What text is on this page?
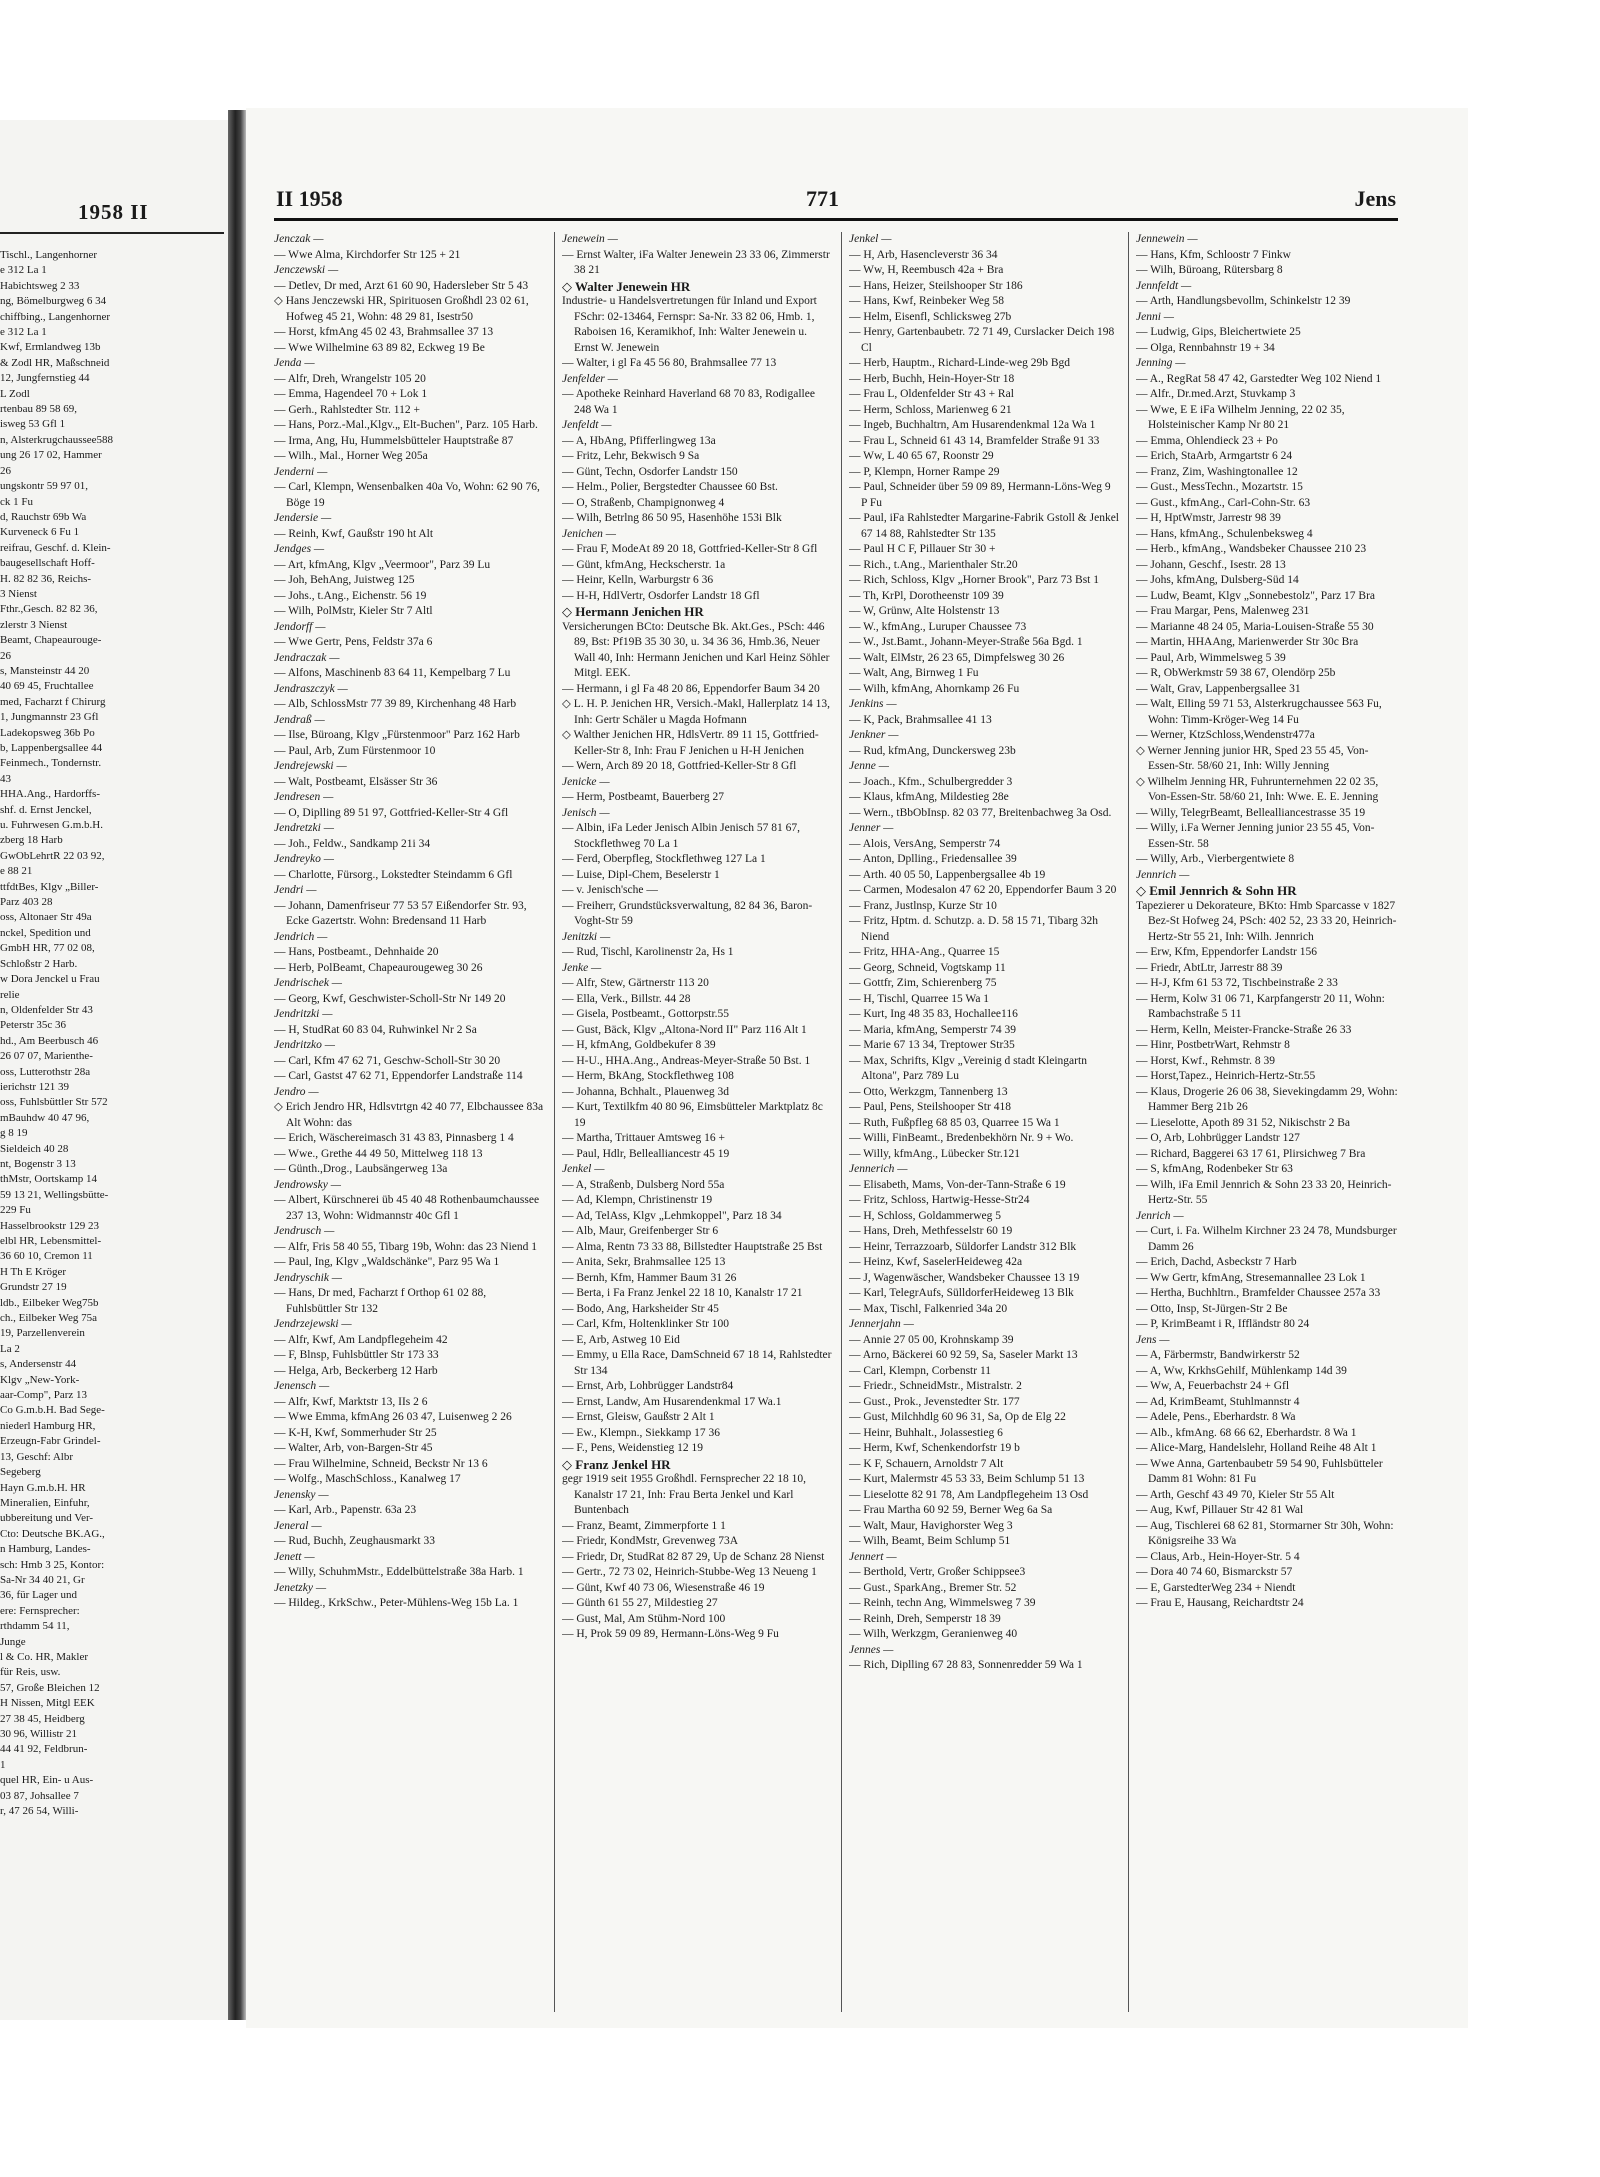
1958 II
Tischl., Langenhorner
e 312 La 1
Habichtsweg 2 33
ng, Bömelburgweg 6 34
chiffbing., Langenhorner
e 312 La 1
Kwf, Ermlandweg 13b
& Zodl HR, Maßschneid
12, Jungfernstieg 44
L Zodl
rtenbau 89 58 69,
isweg 53 Gfl 1
n, Alsterkrugchaussee588
ung 26 17 02, Hammer
26
ungskontr 59 97 01,
ck 1 Fu
d, Rauchstr 69b Wa
Kurveneck 6 Fu 1
reifrau, Geschf. d. Klein-
baugesellschaft Hoff-
H. 82 82 36, Reichs-
3 Nienst
Fthr.,Gesch. 82 82 36,
zlerstr 3 Nienst
Beamt, Chapeaurouge-
26
s, Mansteinstr 44 20
40 69 45, Fruchtallee
med, Facharzt f Chirurg
1, Jungmannstr 23 Gfl
Ladekopsweg 36b Po
b, Lappenbergsallee 44
Feinmech., Tondernstr.
43
HHA.Ang., Hardorffs-
shf. d. Ernst Jenckel,
u. Fuhrwesen G.m.b.H.
zberg 18 Harb
GwObLehrtR 22 03 92,
e 88 21
ttfdtBes, Klgv „Biller-
Parz 403 28
oss, Altonaer Str 49a
nckel, Spedition und
GmbH HR, 77 02 08,
Schloßstr 2 Harb.
w Dora Jenckel u Frau
relie
n, Oldenfelder Str 43
Peterstr 35c 36
hd., Am Beerbusch 46
26 07 07, Marienthe-
oss, Lutterothstr 28a
ierichstr 121 39
oss, Fuhlsbüttler Str 572
mBauhdw 40 47 96,
g 8 19
Sieldeich 40 28
nt, Bogenstr 3 13
thMstr, Oortskamp 14
59 13 21, Wellingsbütte-
229 Fu
Hasselbrookstr 129 23
elbl HR, Lebensmittel-
36 60 10, Cremon 11
H Th E Kröger
Grundstr 27 19
ldb., Eilbeker Weg75b
ch., Eilbeker Weg 75a
19, Parzellenverein
La 2
s, Andersenstr 44
Klgv „New-York-
aar-Comp", Parz 13
Co G.m.b.H. Bad Sege-
niederl Hamburg HR,
Erzeugn-Fabr Grindel-
13, Geschf: Albr
Segeberg
Hayn G.m.b.H. HR
Mineralien, Einfuhr,
ubbereitung und Ver-
Cto: Deutsche BK.AG.,
n Hamburg, Landes-
sch: Hmb 3 25, Kontor:
Sa-Nr 34 40 21, Gr
36, für Lager und
ere: Fernsprecher:
rthdamm 54 11,
Junge
l & Co. HR, Makler
für Reis, usw.
57, Große Bleichen 12
H Nissen, Mitgl EEK
27 38 45, Heidberg
30 96, Willistr 21
44 41 92, Feldbrun-
1
quel HR, Ein- u Aus-
03 87, Johsallee 7
r, 47 26 54, Willi-
II 1958	771	Jens
Jenczak —
— Wwe Alma, Kirchdorfer Str 125 + 21
Jenczewski —
— Detlev, Dr med, Arzt 61 60 90, Hadersleber Str 5 43
◇ Hans Jenczewski HR, Spirituosen Großhdl 23 02 61, Hofweg 45 21, Wohn: 48 29 81, Isestr50
— Horst, kfmAng 45 02 43, Brahmsallee 37 13
— Wwe Wilhelmine 63 89 82, Eckweg 19 Be
Jenda —
— Alfr, Dreh, Wrangelstr 105 20
— Emma, Hagendeel 70 + Lok 1
— Gerh., Rahlstedter Str. 112 +
— Hans, Porz.-Mal.,Klgv.„ Elt-Buchen", Parz. 105 Harb.
— Irma, Ang, Hu, Hummelsbütteler Hauptstraße 87
— Wilh., Mal., Horner Weg 205a
Jenderni —
— Carl, Klempn, Wensenbalken 40a Vo, Wohn: 62 90 76, Böge 19
Jendersie —
— Reinh, Kwf, Gaußstr 190 ht Alt
Jendges —
— Art, kfmAng, Klgv „Veermoor", Parz 39 Lu
— Joh, BehAng, Juistweg 125
— Johs., t.Ang., Eichenstr. 56 19
— Wilh, PolMstr, Kieler Str 7 Altl
Jendorff —
— Wwe Gertr, Pens, Feldstr 37a 6
Jendraczak —
— Alfons, Maschinenb 83 64 11, Kempelbarg 7 Lu
Jendraszczyk —
— Alb, SchlossMstr 77 39 89, Kirchenhang 48 Harb
Jendraß —
— Ilse, Büroang, Klgv „Fürstenmoor" Parz 162 Harb
— Paul, Arb, Zum Fürstenmoor 10
Jendrejewski —
— Walt, Postbeamt, Elsässer Str 36
Jendresen —
— O, Diplling 89 51 97, Gottfried-Keller-Str 4 Gfl
Jendretzki —
— Joh., Feldw., Sandkamp 21i 34
Jendreyko —
— Charlotte, Fürsorg., Lokstedter Steindamm 6 Gfl
Jendri —
— Johann, Damenfriseur 77 53 57 Eißendorfer Str. 93, Ecke Gazertstr. Wohn: Bredensand 11 Harb
Jendrich —
— Hans, Postbeamt., Dehnhaide 20
— Herb, PolBeamt, Chapeaurougeweg 30 26
Jendrischek —
— Georg, Kwf, Geschwister-Scholl-Str Nr 149 20
Jendritzki —
— H, StudRat 60 83 04, Ruhwinkel Nr 2 Sa
Jendritzko —
— Carl, Kfm 47 62 71, Geschw-Scholl-Str 30 20
— Carl, Gastst 47 62 71, Eppendorfer Landstraße 114
Jendro —
◇ Erich Jendro HR, Hdlsvtrtgn 42 40 77, Elbchaussee 83a Alt Wohn: das
— Erich, Wäschereimasch 31 43 83, Pinnasberg 1 4
— Wwe., Grethe 44 49 50, Mittelweg 118 13
— Günth.,Drog., Laubsängerweg 13a
Jendrowsky —
— Albert, Kürschnerei üb 45 40 48 Rothenbaumchaussee 237 13, Wohn: Widmannstr 40c Gfl 1
Jendrusch —
— Alfr, Fris 58 40 55, Tibarg 19b, Wohn: das 23 Niend 1
— Paul, Ing, Klgv „Waldschänke", Parz 95 Wa 1
Jendryschik —
— Hans, Dr med, Facharzt f Orthop 61 02 88, Fuhlsbüttler Str 132
Jendrzejewski —
— Alfr, Kwf, Am Landpflegeheim 42
— F, Blnsp, Fuhlsbüttler Str 173 33
— Helga, Arb, Beckerberg 12 Harb
Jenensch —
— Alfr, Kwf, Marktstr 13, IIs 2 6
— Wwe Emma, kfmAng 26 03 47, Luisenweg 2 26
— K-H, Kwf, Sommerhuder Str 25
— Walter, Arb, von-Bargen-Str 45
— Frau Wilhelmine, Schneid, Beckstr Nr 13 6
— Wolfg., MaschSchloss., Kanalweg 17
Jenensky —
— Karl, Arb., Papenstr. 63a 23
Jeneral —
— Rud, Buchh, Zeughausmarkt 33
Jenett —
— Willy, SchuhmMstr., Eddelbüttelstraße 38a Harb. 1
Jenetzky —
— Hildeg., KrkSchw., Peter-Mühlens-Weg 15b La. 1
Jenewein —
— Ernst Walter, iFa Walter Jenewein 23 33 06, Zimmerstr 38 21
◇ Walter Jenewein HR
Industrie- u Handelsvertretungen für Inland und Export FSchr: 02-13464, Fernspr: Sa-Nr. 33 82 06, Hmb. 1, Raboisen 16, Keramikhof, Inh: Walter Jenewein u. Ernst W. Jenewein
— Walter, i gl Fa 45 56 80, Brahmsallee 77 13
Jenfelder —
— Apotheke Reinhard Haverland 68 70 83, Rodigallee 248 Wa 1
Jenfeldt —
— A, HbAng, Pfifferlingweg 13a
— Fritz, Lehr, Bekwisch 9 Sa
— Günt, Techn, Osdorfer Landstr 150
— Helm., Polier, Bergstedter Chaussee 60 Bst.
— O, Straßenb, Champignonweg 4
— Wilh, Betrlng 86 50 95, Hasenhöhe 153i Blk
Jenichen —
— Frau F, ModeAt 89 20 18, Gottfried-Keller-Str 8 Gfl
— Günt, kfmAng, Heckscherstr. 1a
— Heinr, Kelln, Warburgstr 6 36
— H-H, HdlVertr, Osdorfer Landstr 18 Gfl
◇ Hermann Jenichen HR
Versicherungen BCto: Deutsche Bk. Akt.Ges., PSch: 446 89, Bst: Pf19B 35 30 30, u. 34 36 36, Hmb.36, Neuer Wall 40, Inh: Hermann Jenichen und Karl Heinz Söhler Mitgl. EEK.
— Hermann, i gl Fa 48 20 86, Eppendorfer Baum 34 20
◇ L. H. P. Jenichen HR, Versich.-Makl, Hallerplatz 14 13, Inh: Gertr Schäler u Magda Hofmann
◇ Walther Jenichen HR, HdlsVertr. 89 11 15, Gottfried-Keller-Str 8, Inh: Frau F Jenichen u H-H Jenichen
— Wern, Arch 89 20 18, Gottfried-Keller-Str 8 Gfl
Jenicke —
— Herm, Postbeamt, Bauerberg 27
Jenisch —
— Albin, iFa Leder Jenisch Albin Jenisch 57 81 67, Stockflethweg 70 La 1
— Ferd, Oberpfleg, Stockflethweg 127 La 1
— Luise, Dipl-Chem, Beselerstr 1
— v. Jenisch'sche —
— Freiherr, Grundstücksverwaltung, 82 84 36, Baron-Voght-Str 59
Jenitzki —
— Rud, Tischl, Karolinenstr 2a, Hs 1
Jenke —
— Alfr, Stew, Gärtnerstr 113 20
— Ella, Verk., Billstr. 44 28
— Gisela, Postbeamt., Gottorpstr.55
— Gust, Bäck, Klgv „Altona-Nord II" Parz 116 Alt 1
— H, kfmAng, Goldbekufer 8 39
— H-U., HHA.Ang., Andreas-Meyer-Straße 50 Bst. 1
— Herm, BkAng, Stockflethweg 108
— Johanna, Bchhalt., Plauenweg 3d
— Kurt, Textilkfm 40 80 96, Eimsbütteler Marktplatz 8c 19
— Martha, Trittauer Amtsweg 16 +
— Paul, Hdlr, Bellealliancestr 45 19
Jenkel —
— A, Straßenb, Dulsberg Nord 55a
— Ad, Klempn, Christinenstr 19
— Ad, TelAss, Klgv „Lehmkoppel", Parz 18 34
— Alb, Maur, Greifenberger Str 6
— Alma, Rentn 73 33 88, Billstedter Hauptstraße 25 Bst
— Anita, Sekr, Brahmsallee 125 13
— Bernh, Kfm, Hammer Baum 31 26
— Berta, i Fa Franz Jenkel 22 18 10, Kanalstr 17 21
— Bodo, Ang, Harksheider Str 45
— Carl, Kfm, Holtenklinker Str 100
— E, Arb, Astweg 10 Eid
— Emmy, u Ella Race, DamSchneid 67 18 14, Rahlstedter Str 134
— Ernst, Arb, Lohbrügger Landstr84
— Ernst, Landw, Am Husarendenkmal 17 Wa.1
— Ernst, Gleisw, Gaußstr 2 Alt 1
— Ew., Klempn., Siekkamp 17 36
— F., Pens, Weidenstieg 12 19
◇ Franz Jenkel HR
gegr 1919 seit 1955 Großhdl. Fernsprecher 22 18 10, Kanalstr 17 21, Inh: Frau Berta Jenkel und Karl Buntenbach
— Franz, Beamt, Zimmerpforte 1 1
— Friedr, KondMstr, Grevenweg 73A
— Friedr, Dr, StudRat 82 87 29, Up de Schanz 28 Nienst
— Gertr., 72 73 02, Heinrich-Stubbe-Weg 13 Neueng 1
— Günt, Kwf 40 73 06, Wiesenstraße 46 19
— Günth 61 55 27, Mildestieg 27
— Gust, Mal, Am Stühm-Nord 100
— H, Prok 59 09 89, Hermann-Löns-Weg 9 Fu
Jenkel —
— H, Arb, Hasencleverstr 36 34
— Ww, H, Reembusch 42a + Bra
— Hans, Heizer, Steilshooper Str 186
— Hans, Kwf, Reinbeker Weg 58
— Helm, Eisenfl, Schlicksweg 27b
— Henry, Gartenbaubetr. 72 71 49, Curslacker Deich 198 Cl
— Herb, Hauptm., Richard-Linde-weg 29b Bgd
— Herb, Buchh, Hein-Hoyer-Str 18
— Frau L, Oldenfelder Str 43 + Ral
— Herm, Schloss, Marienweg 6 21
— Ingeb, Buchhaltrn, Am Husarendenkmal 12a Wa 1
— Frau L, Schneid 61 43 14, Bramfelder Straße 91 33
— Ww, L 40 65 67, Roonstr 29
— P, Klempn, Horner Rampe 29
— Paul, Schneider über 59 09 89, Hermann-Löns-Weg 9 P Fu
— Paul, iFa Rahlstedter Margarine-Fabrik Gstoll & Jenkel 67 14 88, Rahlstedter Str 135
— Paul H C F, Pillauer Str 30 +
— Rich., t.Ang., Marienthaler Str.20
— Rich, Schloss, Klgv „Horner Brook", Parz 73 Bst 1
— Th, KrPl, Dorotheenstr 109 39
— W, Grünw, Alte Holstenstr 13
— W., kfmAng., Luruper Chaussee 73
— W., Jst.Bamt., Johann-Meyer-Straße 56a Bgd. 1
— Walt, ElMstr, 26 23 65, Dimpfelsweg 30 26
— Walt, Ang, Birnweg 1 Fu
— Wilh, kfmAng, Ahornkamp 26 Fu
Jenkins —
— K, Pack, Brahmsallee 41 13
Jenkner —
— Rud, kfmAng, Dunckersweg 23b
Jenne —
— Joach., Kfm., Schulbergredder 3
— Klaus, kfmAng, Mildestieg 28e
— Wern., tBbObInsp. 82 03 77, Breitenbachweg 3a Osd.
Jenner —
— Alois, VersAng, Semperstr 74
— Anton, Dplling., Friedensallee 39
— Arth. 40 05 50, Lappenbergsallee 4b 19
— Carmen, Modesalon 47 62 20, Eppendorfer Baum 3 20
— Franz, Justlnsp, Kurze Str 10
— Fritz, Hptm. d. Schutzp. a. D. 58 15 71, Tibarg 32h Niend
— Fritz, HHA-Ang., Quarree 15
— Georg, Schneid, Vogtskamp 11
— Gottfr, Zim, Schierenberg 75
— H, Tischl, Quarree 15 Wa 1
— Kurt, Ing 48 35 83, Hochallee116
— Maria, kfmAng, Semperstr 74 39
— Marie 67 13 34, Treptower Str35
— Max, Schrifts, Klgv „Vereinig d stadt Kleingartn Altona", Parz 789 Lu
— Otto, Werkzgm, Tannenberg 13
— Paul, Pens, Steilshooper Str 418
— Ruth, Fußpfleg 68 85 03, Quarree 15 Wa 1
— Willi, FinBeamt., Bredenbekhörn Nr. 9 + Wo.
— Willy, kfmAng., Lübecker Str.121
Jennerich —
— Elisabeth, Mams, Von-der-Tann-Straße 6 19
— Fritz, Schloss, Hartwig-Hesse-Str24
— H, Schloss, Goldammerweg 5
— Hans, Dreh, Methfesselstr 60 19
— Heinr, Terrazzoarb, Süldorfer Landstr 312 Blk
— Heinz, Kwf, SaselerHeideweg 42a
— J, Wagenwäscher, Wandsbeker Chaussee 13 19
— Karl, TelegrAufs, SülldorferHeideweg 13 Blk
— Max, Tischl, Falkenried 34a 20
Jennerjahn —
— Annie 27 05 00, Krohnskamp 39
— Arno, Bäckerei 60 92 59, Sa, Saseler Markt 13
— Carl, Klempn, Corbenstr 11
— Friedr., SchneidMstr., Mistralstr. 2
— Gust., Prok., Jevenstedter Str. 177
— Gust, Milchhdlg 60 96 31, Sa, Op de Elg 22
— Heinr, Buhhalt., Jolassestieg 6
— Herm, Kwf, Schenkendorfstr 19 b
— K F, Schauern, Arnoldstr 7 Alt
— Kurt, Malermstr 45 53 33, Beim Schlump 51 13
— Lieselotte 82 91 78, Am Landpflegeheim 13 Osd
— Frau Martha 60 92 59, Berner Weg 6a Sa
— Walt, Maur, Havighorster Weg 3
— Wilh, Beamt, Beim Schlump 51
Jennert —
— Berthold, Vertr, Großer Schippsee3
— Gust., SparkAng., Bremer Str. 52
— Reinh, techn Ang, Wimmelsweg 7 39
— Reinh, Dreh, Semperstr 18 39
— Wilh, Werkzgm, Geranienweg 40
Jennes —
— Rich, Diplling 67 28 83, Sonnenredder 59 Wa 1
Jennewein —
— Hans, Kfm, Schloostr 7 Finkw
— Wilh, Büroang, Rütersbarg 8
Jennfeldt —
— Arth, Handlungsbevollm, Schinkelstr 12 39
Jenni —
— Ludwig, Gips, Bleichertwiete 25
— Olga, Rennbahnstr 19 + 34
Jenning —
— A., RegRat 58 47 42, Garstedter Weg 102 Niend 1
— Alfr., Dr.med.Arzt, Stuvkamp 3
— Wwe, E E iFa Wilhelm Jenning, 22 02 35, Holsteinischer Kamp Nr 80 21
— Emma, Ohlendieck 23 + Po
— Erich, StaArb, Armgartstr 6 24
— Franz, Zim, Washingtonallee 12
— Gust., MessTechn., Mozartstr. 15
— Gust., kfmAng., Carl-Cohn-Str. 63
— H, HptWmstr, Jarrestr 98 39
— Hans, kfmAng., Schulenbeksweg 4
— Herb., kfmAng., Wandsbeker Chaussee 210 23
— Johann, Geschf., Isestr. 28 13
— Johs, kfmAng, Dulsberg-Süd 14
— Ludw, Beamt, Klgv „Sonnebestolz", Parz 17 Bra
— Frau Margar, Pens, Malenweg 231
— Marianne 48 24 05, Maria-Louisen-Straße 55 30
— Martin, HHAAng, Marienwerder Str 30c Bra
— Paul, Arb, Wimmelsweg 5 39
— R, ObWerkmstr 59 38 67, Olendörp 25b
— Walt, Grav, Lappenbergsallee 31
— Walt, Elling 59 71 53, Alsterkrugchaussee 563 Fu, Wohn: Timm-Kröger-Weg 14 Fu
— Werner, KtzSchloss,Wendenstr477a
◇ Werner Jenning junior HR, Sped 23 55 45, Von-Essen-Str. 58/60 21, Inh: Willy Jenning
◇ Wilhelm Jenning HR, Fuhrunternehmen 22 02 35, Von-Essen-Str. 58/60 21, Inh: Wwe. E. E. Jenning
— Willy, TelegrBeamt, Bellealliancestrasse 35 19
— Willy, i.Fa Werner Jenning junior 23 55 45, Von-Essen-Str. 58
— Willy, Arb., Vierbergentwiete 8
Jennrich —
◇ Emil Jennrich & Sohn HR
Tapezierer u Dekorateure, BKto: Hmb Sparcasse v 1827 Bez-St Hofweg 24, PSch: 402 52, 23 33 20, Heinrich-Hertz-Str 55 21, Inh: Wilh. Jennrich
— Erw, Kfm, Eppendorfer Landstr 156
— Friedr, AbtLtr, Jarrestr 88 39
— H-J, Kfm 61 53 72, Tischbeinstraße 2 33
— Herm, Kolw 31 06 71, Karpfangerstr 20 11, Wohn: Rambachstraße 5 11
— Herm, Kelln, Meister-Francke-Straße 26 33
— Hinr, PostbetrWart, Rehmstr 8
— Horst, Kwf., Rehmstr. 8 39
— Horst,Tapez., Heinrich-Hertz-Str.55
— Klaus, Drogerie 26 06 38, Sievekingdamm 29, Wohn: Hammer Berg 21b 26
— Lieselotte, Apoth 89 31 52, Nikischstr 2 Ba
— O, Arb, Lohbrügger Landstr 127
— Richard, Baggerei 63 17 61, Plirsichweg 7 Bra
— S, kfmAng, Rodenbeker Str 63
— Wilh, iFa Emil Jennrich & Sohn 23 33 20, Heinrich-Hertz-Str. 55
Jenrich —
— Curt, i. Fa. Wilhelm Kirchner 23 24 78, Mundsburger Damm 26
— Erich, Dachd, Asbeckstr 7 Harb
— Ww Gertr, kfmAng, Stresemannallee 23 Lok 1
— Hertha, Buchhltrn., Bramfelder Chaussee 257a 33
— Otto, Insp, St-Jürgen-Str 2 Be
— P, KrimBeamt i R, Iffländstr 80 24
Jens —
— A, Färbermstr, Bandwirkerstr 52
— A, Ww, KrkhsGehilf, Mühlenkamp 14d 39
— Ww, A, Feuerbachstr 24 + Gfl
— Ad, KrimBeamt, Stuhlmannstr 4
— Adele, Pens., Eberhardstr. 8 Wa
— Alb., kfmAng. 68 66 62, Eberhardstr. 8 Wa 1
— Alice-Marg, Handelslehr, Holland Reihe 48 Alt 1
— Wwe Anna, Gartenbaubetr 59 54 90, Fuhlsbütteler Damm 81 Wohn: 81 Fu
— Arth, Geschf 43 49 70, Kieler Str 55 Alt
— Aug, Kwf, Pillauer Str 42 81 Wal
— Aug, Tischlerei 68 62 81, Stormarner Str 30h, Wohn: Königsreihe 33 Wa
— Claus, Arb., Hein-Hoyer-Str. 5 4
— Dora 40 74 60, Bismarckstr 57
— E, GarstedterWeg 234 + Niendt
— Frau E, Hausang, Reichardtstr 24
